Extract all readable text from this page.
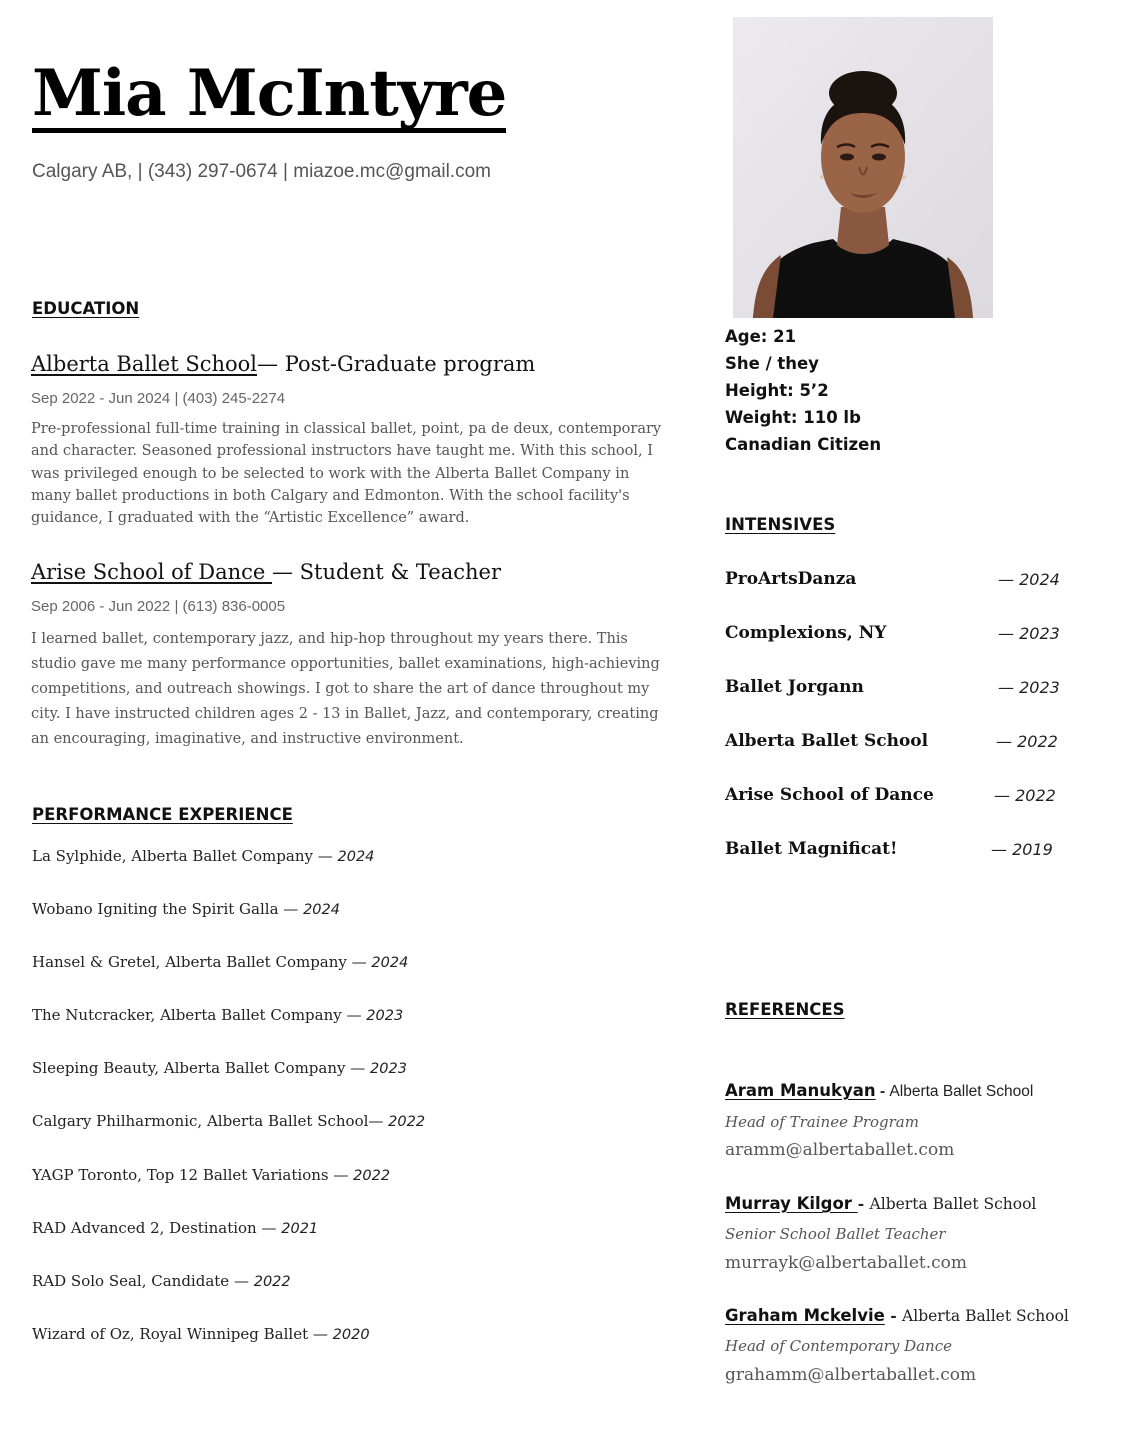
Mia McIntyre
Calgary AB, | (343) 297-0674 | miazoe.mc@gmail.com
EDUCATION
Alberta Ballet School— Post-Graduate program
Sep 2022 - Jun 2024 | (403) 245-2274
Pre-professional full-time training in classical ballet, point, pa de deux, contemporary and character. Seasoned professional instructors have taught me. With this school, I was privileged enough to be selected to work with the Alberta Ballet Company in many ballet productions in both Calgary and Edmonton. With the school facility's guidance, I graduated with the “Artistic Excellence” award.
Arise School of Dance — Student & Teacher
Sep 2006 - Jun 2022 | (613) 836-0005
I learned ballet, contemporary jazz, and hip-hop throughout my years there. This studio gave me many performance opportunities, ballet examinations, high-achieving competitions, and outreach showings. I got to share the art of dance throughout my city. I have instructed children ages 2 - 13 in Ballet, Jazz, and contemporary, creating an encouraging, imaginative, and instructive environment.
PERFORMANCE EXPERIENCE
La Sylphide, Alberta Ballet Company — 2024
Wobano Igniting the Spirit Galla — 2024
Hansel & Gretel, Alberta Ballet Company — 2024
The Nutcracker, Alberta Ballet Company — 2023
Sleeping Beauty, Alberta Ballet Company — 2023
Calgary Philharmonic, Alberta Ballet School— 2022
YAGP Toronto, Top 12 Ballet Variations — 2022
RAD Advanced 2, Destination — 2021
RAD Solo Seal, Candidate — 2022
Wizard of Oz, Royal Winnipeg Ballet — 2020
Age: 21
She / they
Height: 5’2
Weight: 110 lb
Canadian Citizen
INTENSIVES
ProArtsDanza	— 2024
Complexions, NY	— 2023
Ballet Jorgann	— 2023
Alberta Ballet School	— 2022
Arise School of Dance	— 2022
Ballet Magnificat!	— 2019
REFERENCES
Aram Manukyan - Alberta Ballet School
Head of Trainee Program
aramm@albertaballet.com
Murray Kilgor - Alberta Ballet School
Senior School Ballet Teacher
murrayk@albertaballet.com
Graham Mckelvie - Alberta Ballet School
Head of Contemporary Dance
grahamm@albertaballet.com
